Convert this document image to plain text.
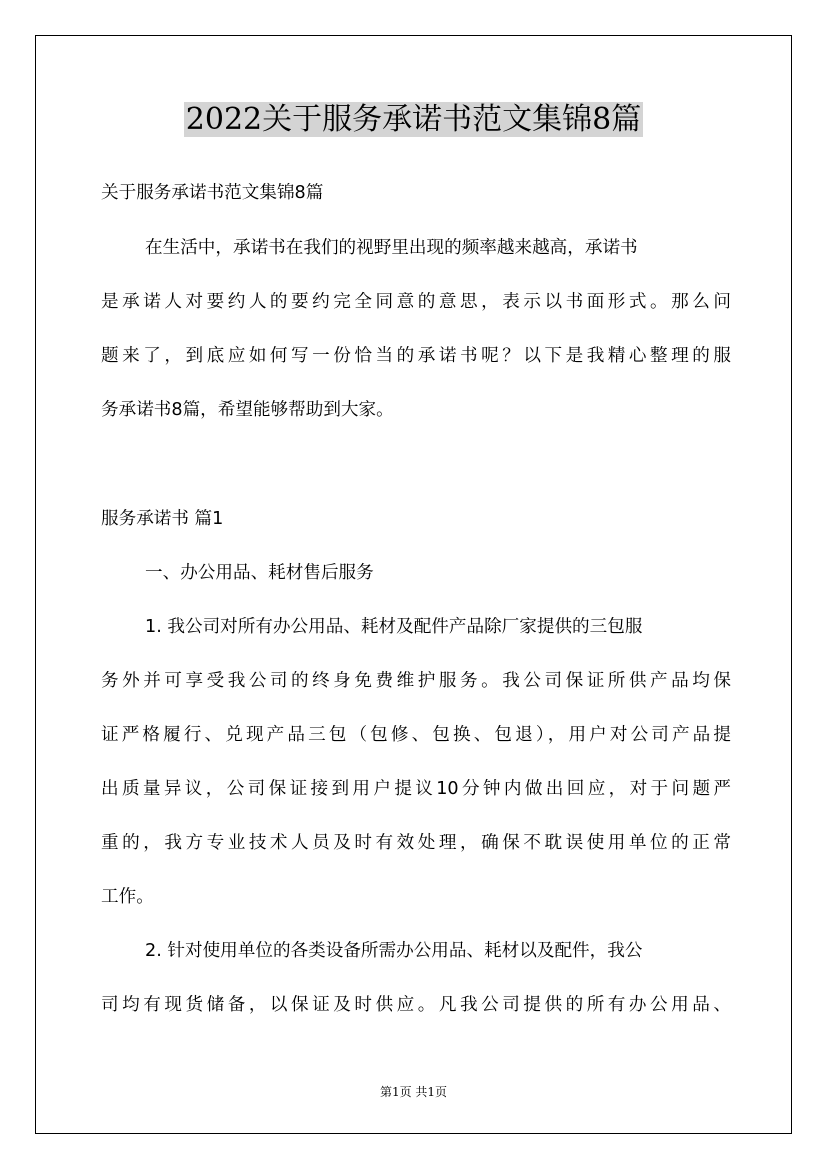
2022关于服务承诺书范文集锦8篇
关于服务承诺书范文集锦8篇
在生活中，承诺书在我们的视野里出现的频率越来越高，承诺书
是承诺人对要约人的要约完全同意的意思，表示以书面形式。那么问
题来了，到底应如何写一份恰当的承诺书呢？以下是我精心整理的服
务承诺书8篇，希望能够帮助到大家。
服务承诺书 篇1
一、办公用品、耗材售后服务
1. 我公司对所有办公用品、耗材及配件产品除厂家提供的三包服
务外并可享受我公司的终身免费维护服务。我公司保证所供产品均保
证严格履行、兑现产品三包（包修、包换、包退），用户对公司产品提
出质量异议，公司保证接到用户提议10分钟内做出回应，对于问题严
重的，我方专业技术人员及时有效处理，确保不耽误使用单位的正常
工作。
2. 针对使用单位的各类设备所需办公用品、耗材以及配件，我公
司均有现货储备，以保证及时供应。凡我公司提供的所有办公用品、
第1页 共1页
